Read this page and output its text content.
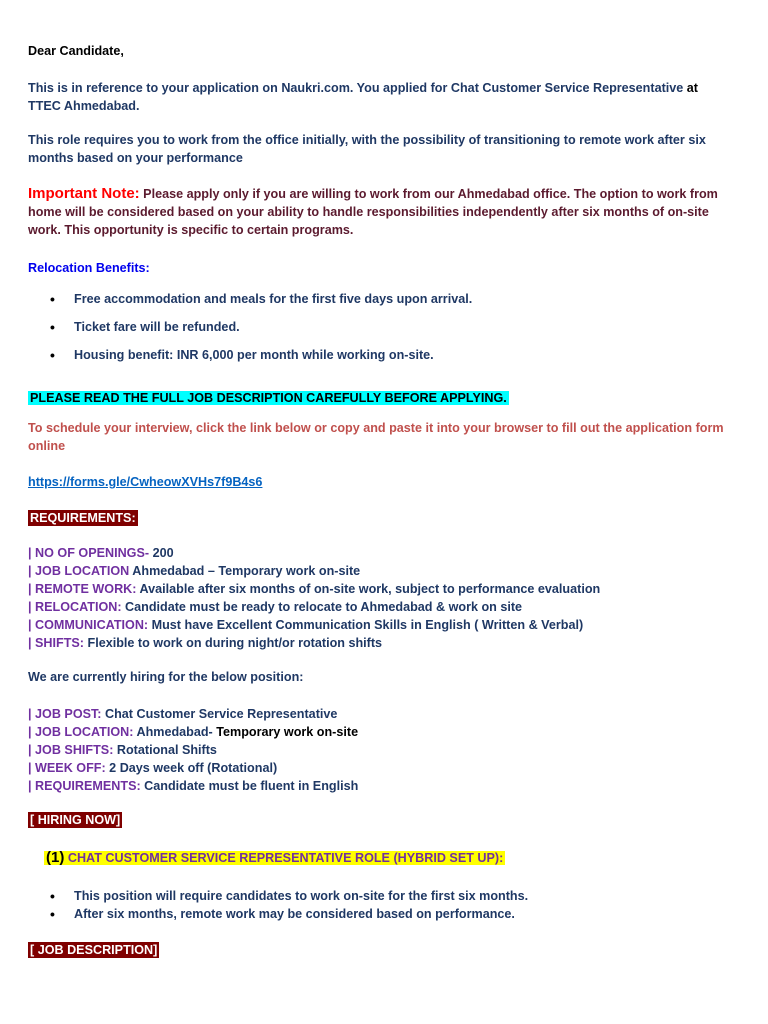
Dear Candidate,
This is in reference to your application on Naukri.com. You applied for Chat Customer Service Representative at TTEC Ahmedabad.
This role requires you to work from the office initially, with the possibility of transitioning to remote work after six months based on your performance
Important Note: Please apply only if you are willing to work from our Ahmedabad office. The option to work from home will be considered based on your ability to handle responsibilities independently after six months of on-site work. This opportunity is specific to certain programs.
Relocation Benefits:
• Free accommodation and meals for the first five days upon arrival.
• Ticket fare will be refunded.
• Housing benefit: INR 6,000 per month while working on-site.
PLEASE READ THE FULL JOB DESCRIPTION CAREFULLY BEFORE APPLYING.
To schedule your interview, click the link below or copy and paste it into your browser to fill out the application form online
https://forms.gle/CwheowXVHs7f9B4s6
REQUIREMENTS:
| NO OF OPENINGS- 200
| JOB LOCATION Ahmedabad – Temporary work on-site
| REMOTE WORK: Available after six months of on-site work, subject to performance evaluation
| RELOCATION: Candidate must be ready to relocate to Ahmedabad & work on site
| COMMUNICATION: Must have Excellent Communication Skills in English ( Written & Verbal)
| SHIFTS: Flexible to work on during night/or rotation shifts
We are currently hiring for the below position:
| JOB POST: Chat Customer Service Representative
| JOB LOCATION: Ahmedabad- Temporary work on-site
| JOB SHIFTS: Rotational Shifts
| WEEK OFF: 2 Days week off (Rotational)
| REQUIREMENTS: Candidate must be fluent in English
[ HIRING NOW]
(1) CHAT CUSTOMER SERVICE REPRESENTATIVE ROLE (HYBRID SET UP):
• This position will require candidates to work on-site for the first six months.
• After six months, remote work may be considered based on performance.
[ JOB DESCRIPTION]
